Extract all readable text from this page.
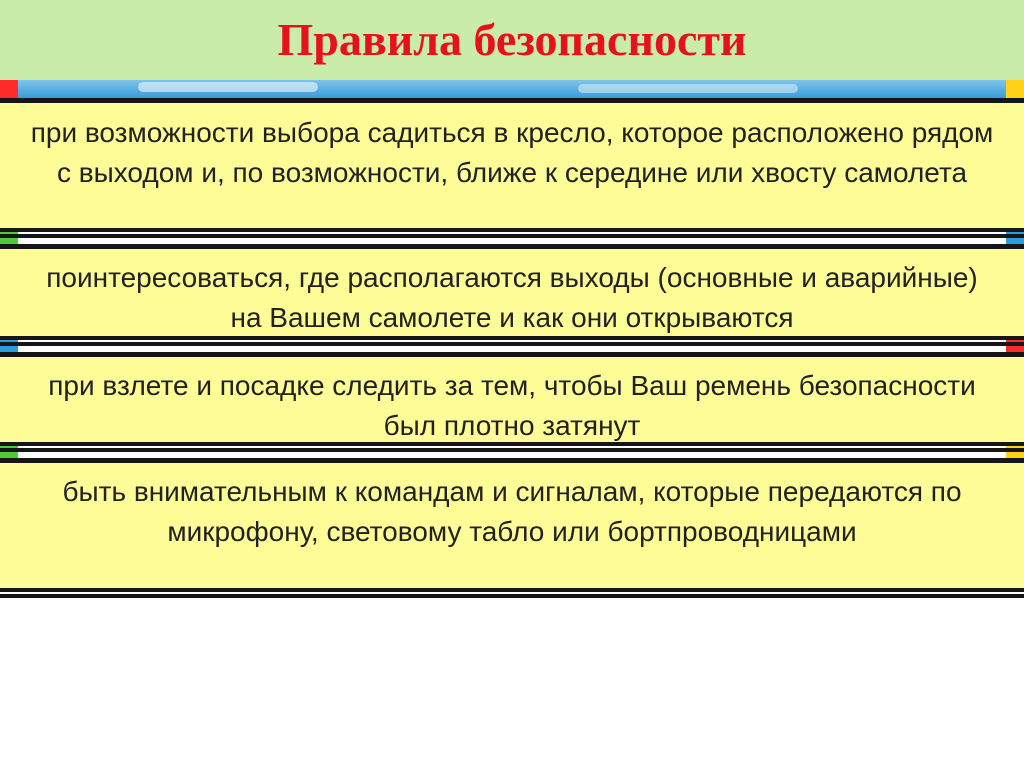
Правила безопасности
при возможности выбора садиться в кресло, которое расположено рядом с выходом и, по возможности, ближе к середине или хвосту самолета
поинтересоваться, где располагаются выходы (основные и аварийные) на Вашем самолете и как они открываются
при взлете и посадке следить за тем, чтобы Ваш ремень безопасности был плотно затянут
быть внимательным к командам и сигналам, которые передаются по микрофону, световому табло или бортпроводницами
